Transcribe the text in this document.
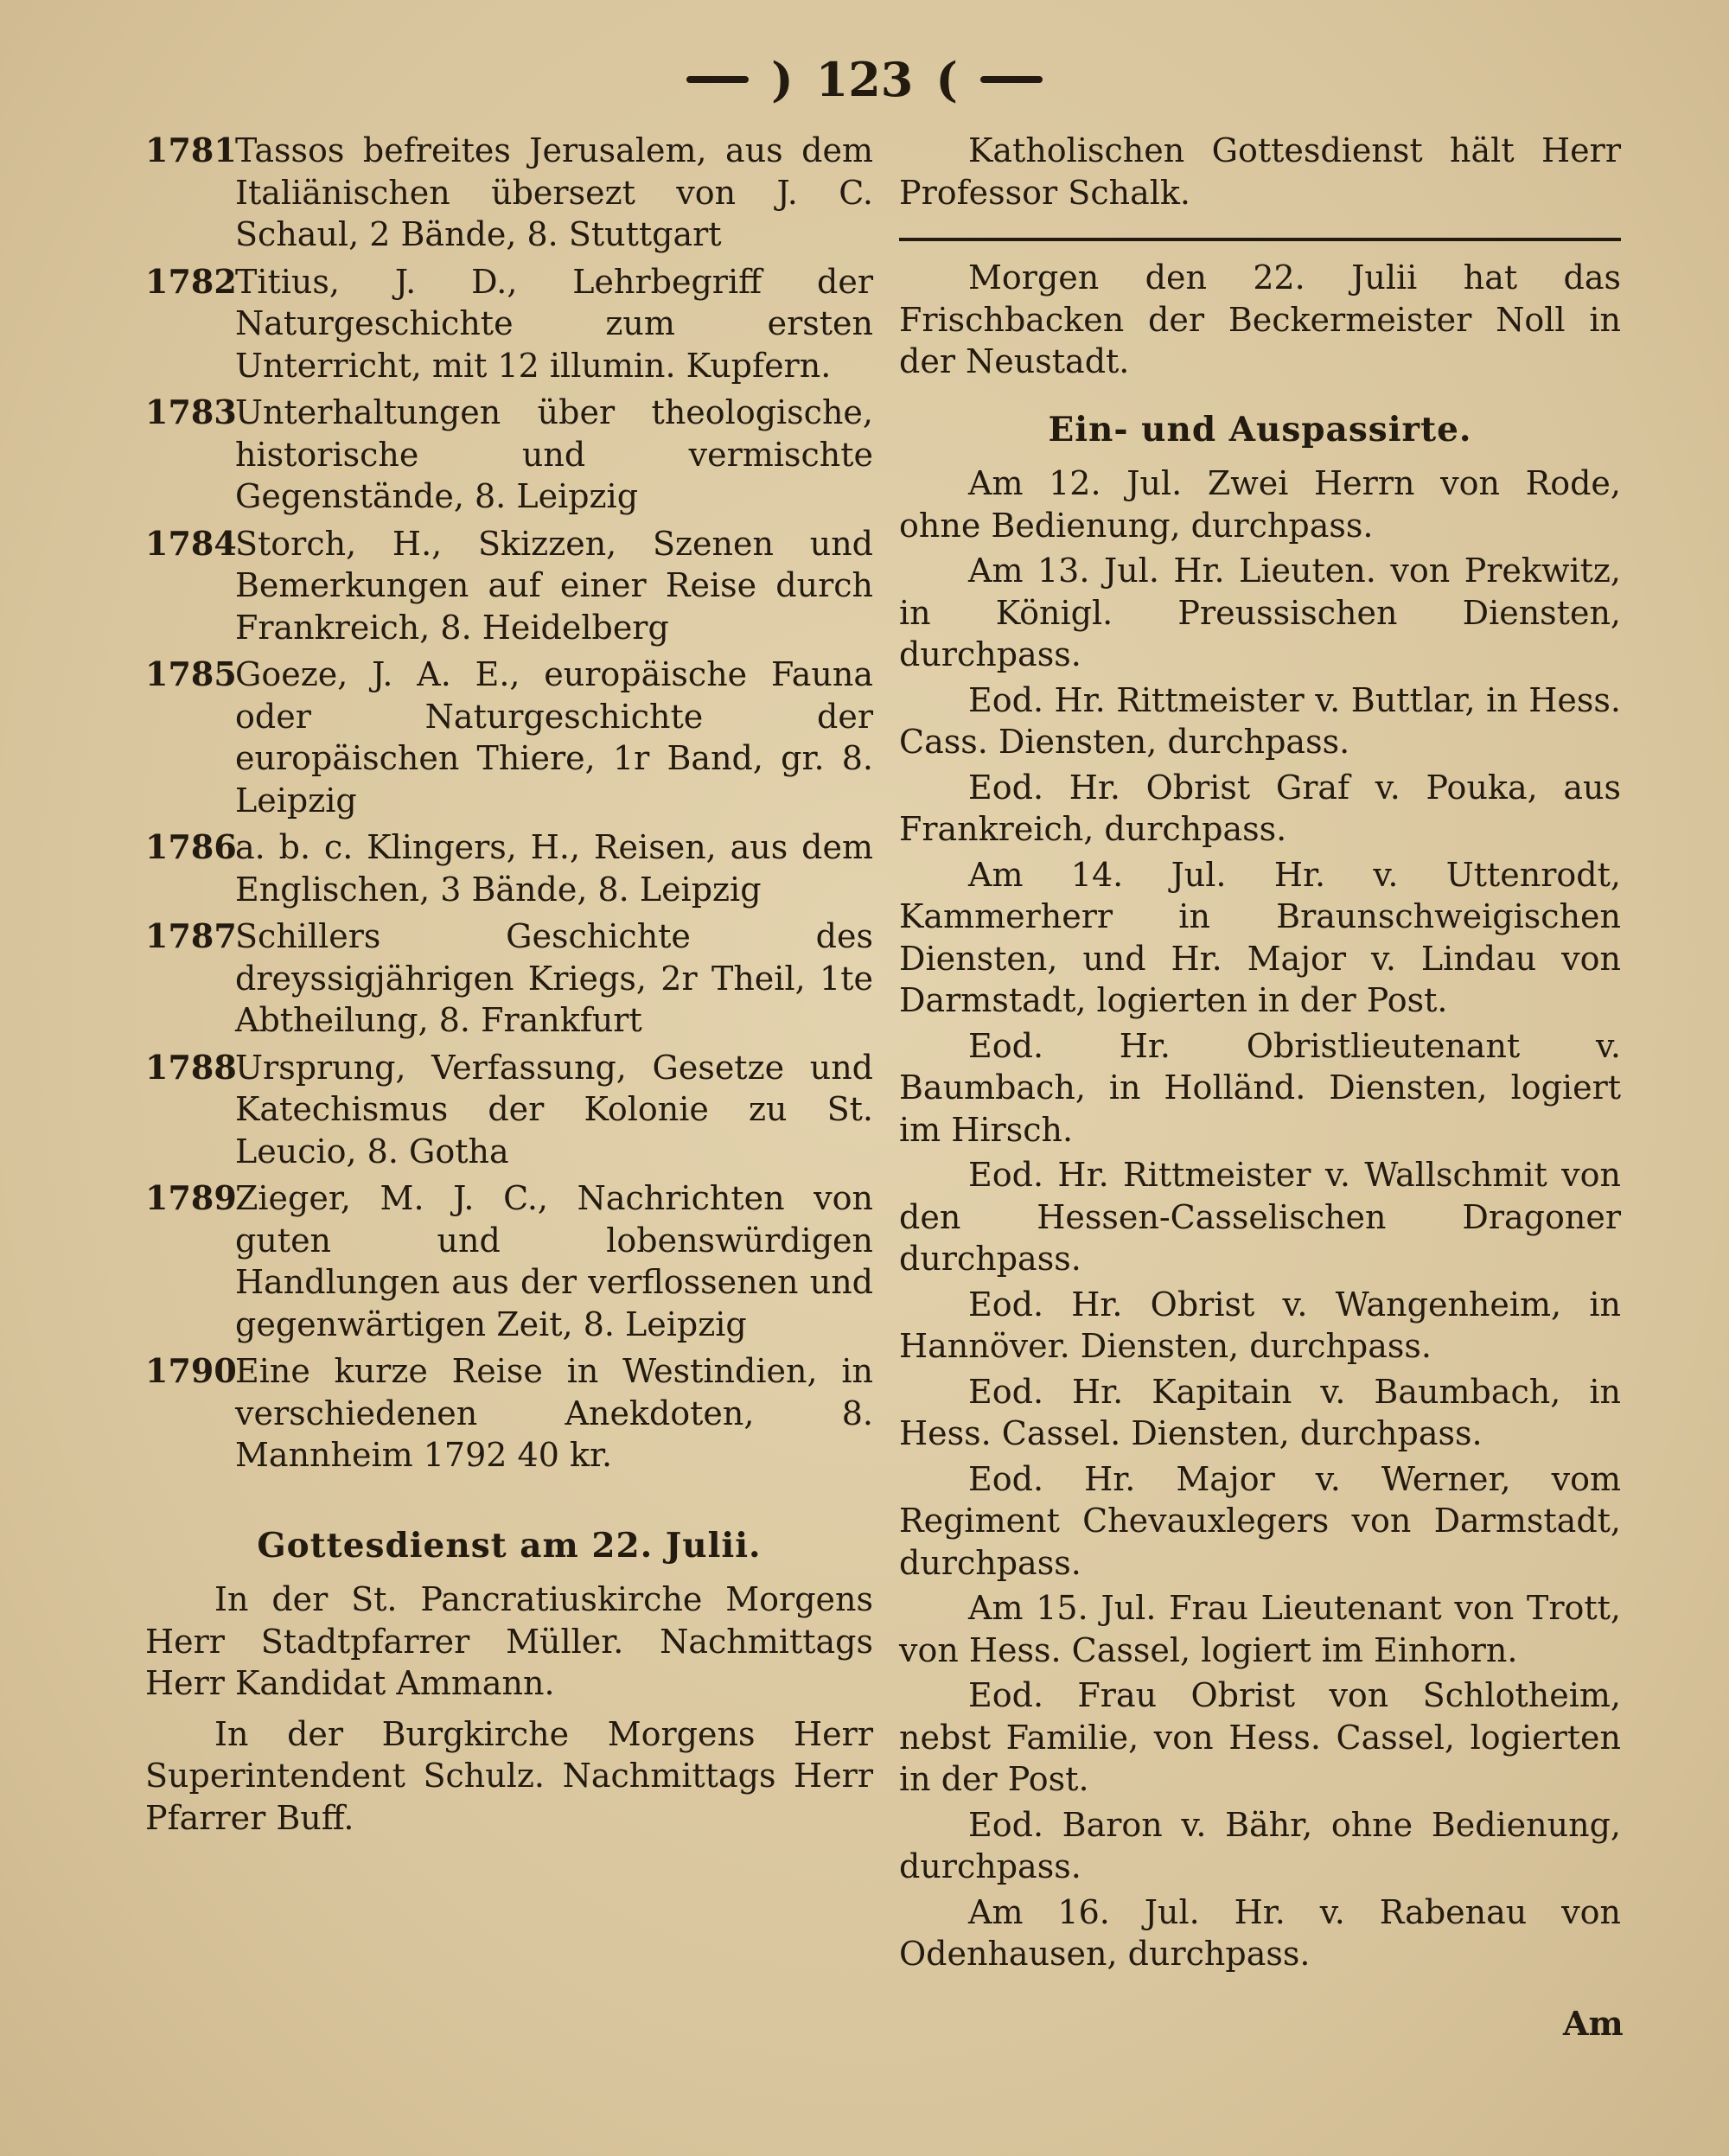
) 123 (
1781
Tassos befreites Jerusalem, aus dem Italiänischen übersezt von J. C. Schaul, 2 Bände, 8. Stuttgart
1782
Titius, J. D., Lehrbegriff der Naturgeschichte zum ersten Unterricht, mit 12 illumin. Kupfern.
1783
Unterhaltungen über theologische, historische und vermischte Gegenstände, 8. Leipzig
1784
Storch, H., Skizzen, Szenen und Bemerkungen auf einer Reise durch Frankreich, 8. Heidelberg
1785
Goeze, J. A. E., europäische Fauna oder Naturgeschichte der europäischen Thiere, 1r Band, gr. 8. Leipzig
1786
a. b. c. Klingers, H., Reisen, aus dem Englischen, 3 Bände, 8. Leipzig
1787
Schillers Geschichte des dreyssigjährigen Kriegs, 2r Theil, 1te Abtheilung, 8. Frankfurt
1788
Ursprung, Verfassung, Gesetze und Katechismus der Kolonie zu St. Leucio, 8. Gotha
1789
Zieger, M. J. C., Nachrichten von guten und lobenswürdigen Handlungen aus der verflossenen und gegenwärtigen Zeit, 8. Leipzig
1790
Eine kurze Reise in Westindien, in verschiedenen Anekdoten, 8. Mannheim 1792 40 kr.
Gottesdienst am 22. Julii.

In der St. Pancratiuskirche Morgens Herr Stadtpfarrer Müller. Nachmittags Herr Kandidat Ammann.

In der Burgkirche Morgens Herr Superintendent Schulz. Nachmittags Herr Pfarrer Buff.

Katholischen Gottesdienst hält Herr Professor Schalk.

Morgen den 22. Julii hat das Frischbacken der Beckermeister Noll in der Neustadt.

Ein- und Auspassirte.

Am 12. Jul. Zwei Herrn von Rode, ohne Bedienung, durchpass.

Am 13. Jul. Hr. Lieuten. von Prekwitz, in Königl. Preussischen Diensten, durchpass.

Eod. Hr. Rittmeister v. Buttlar, in Hess. Cass. Diensten, durchpass.

Eod. Hr. Obrist Graf v. Pouka, aus Frankreich, durchpass.

Am 14. Jul. Hr. v. Uttenrodt, Kammerherr in Braunschweigischen Diensten, und Hr. Major v. Lindau von Darmstadt, logierten in der Post.

Eod. Hr. Obristlieutenant v. Baumbach, in Holländ. Diensten, logiert im Hirsch.

Eod. Hr. Rittmeister v. Wallschmit von den Hessen-Casselischen Dragoner durchpass.

Eod. Hr. Obrist v. Wangenheim, in Hannöver. Diensten, durchpass.

Eod. Hr. Kapitain v. Baumbach, in Hess. Cassel. Diensten, durchpass.

Eod. Hr. Major v. Werner, vom Regiment Chevauxlegers von Darmstadt, durchpass.

Am 15. Jul. Frau Lieutenant von Trott, von Hess. Cassel, logiert im Einhorn.

Eod. Frau Obrist von Schlotheim, nebst Familie, von Hess. Cassel, logierten in der Post.

Eod. Baron v. Bähr, ohne Bedienung, durchpass.

Am 16. Jul. Hr. v. Rabenau von Odenhausen, durchpass.

Am
